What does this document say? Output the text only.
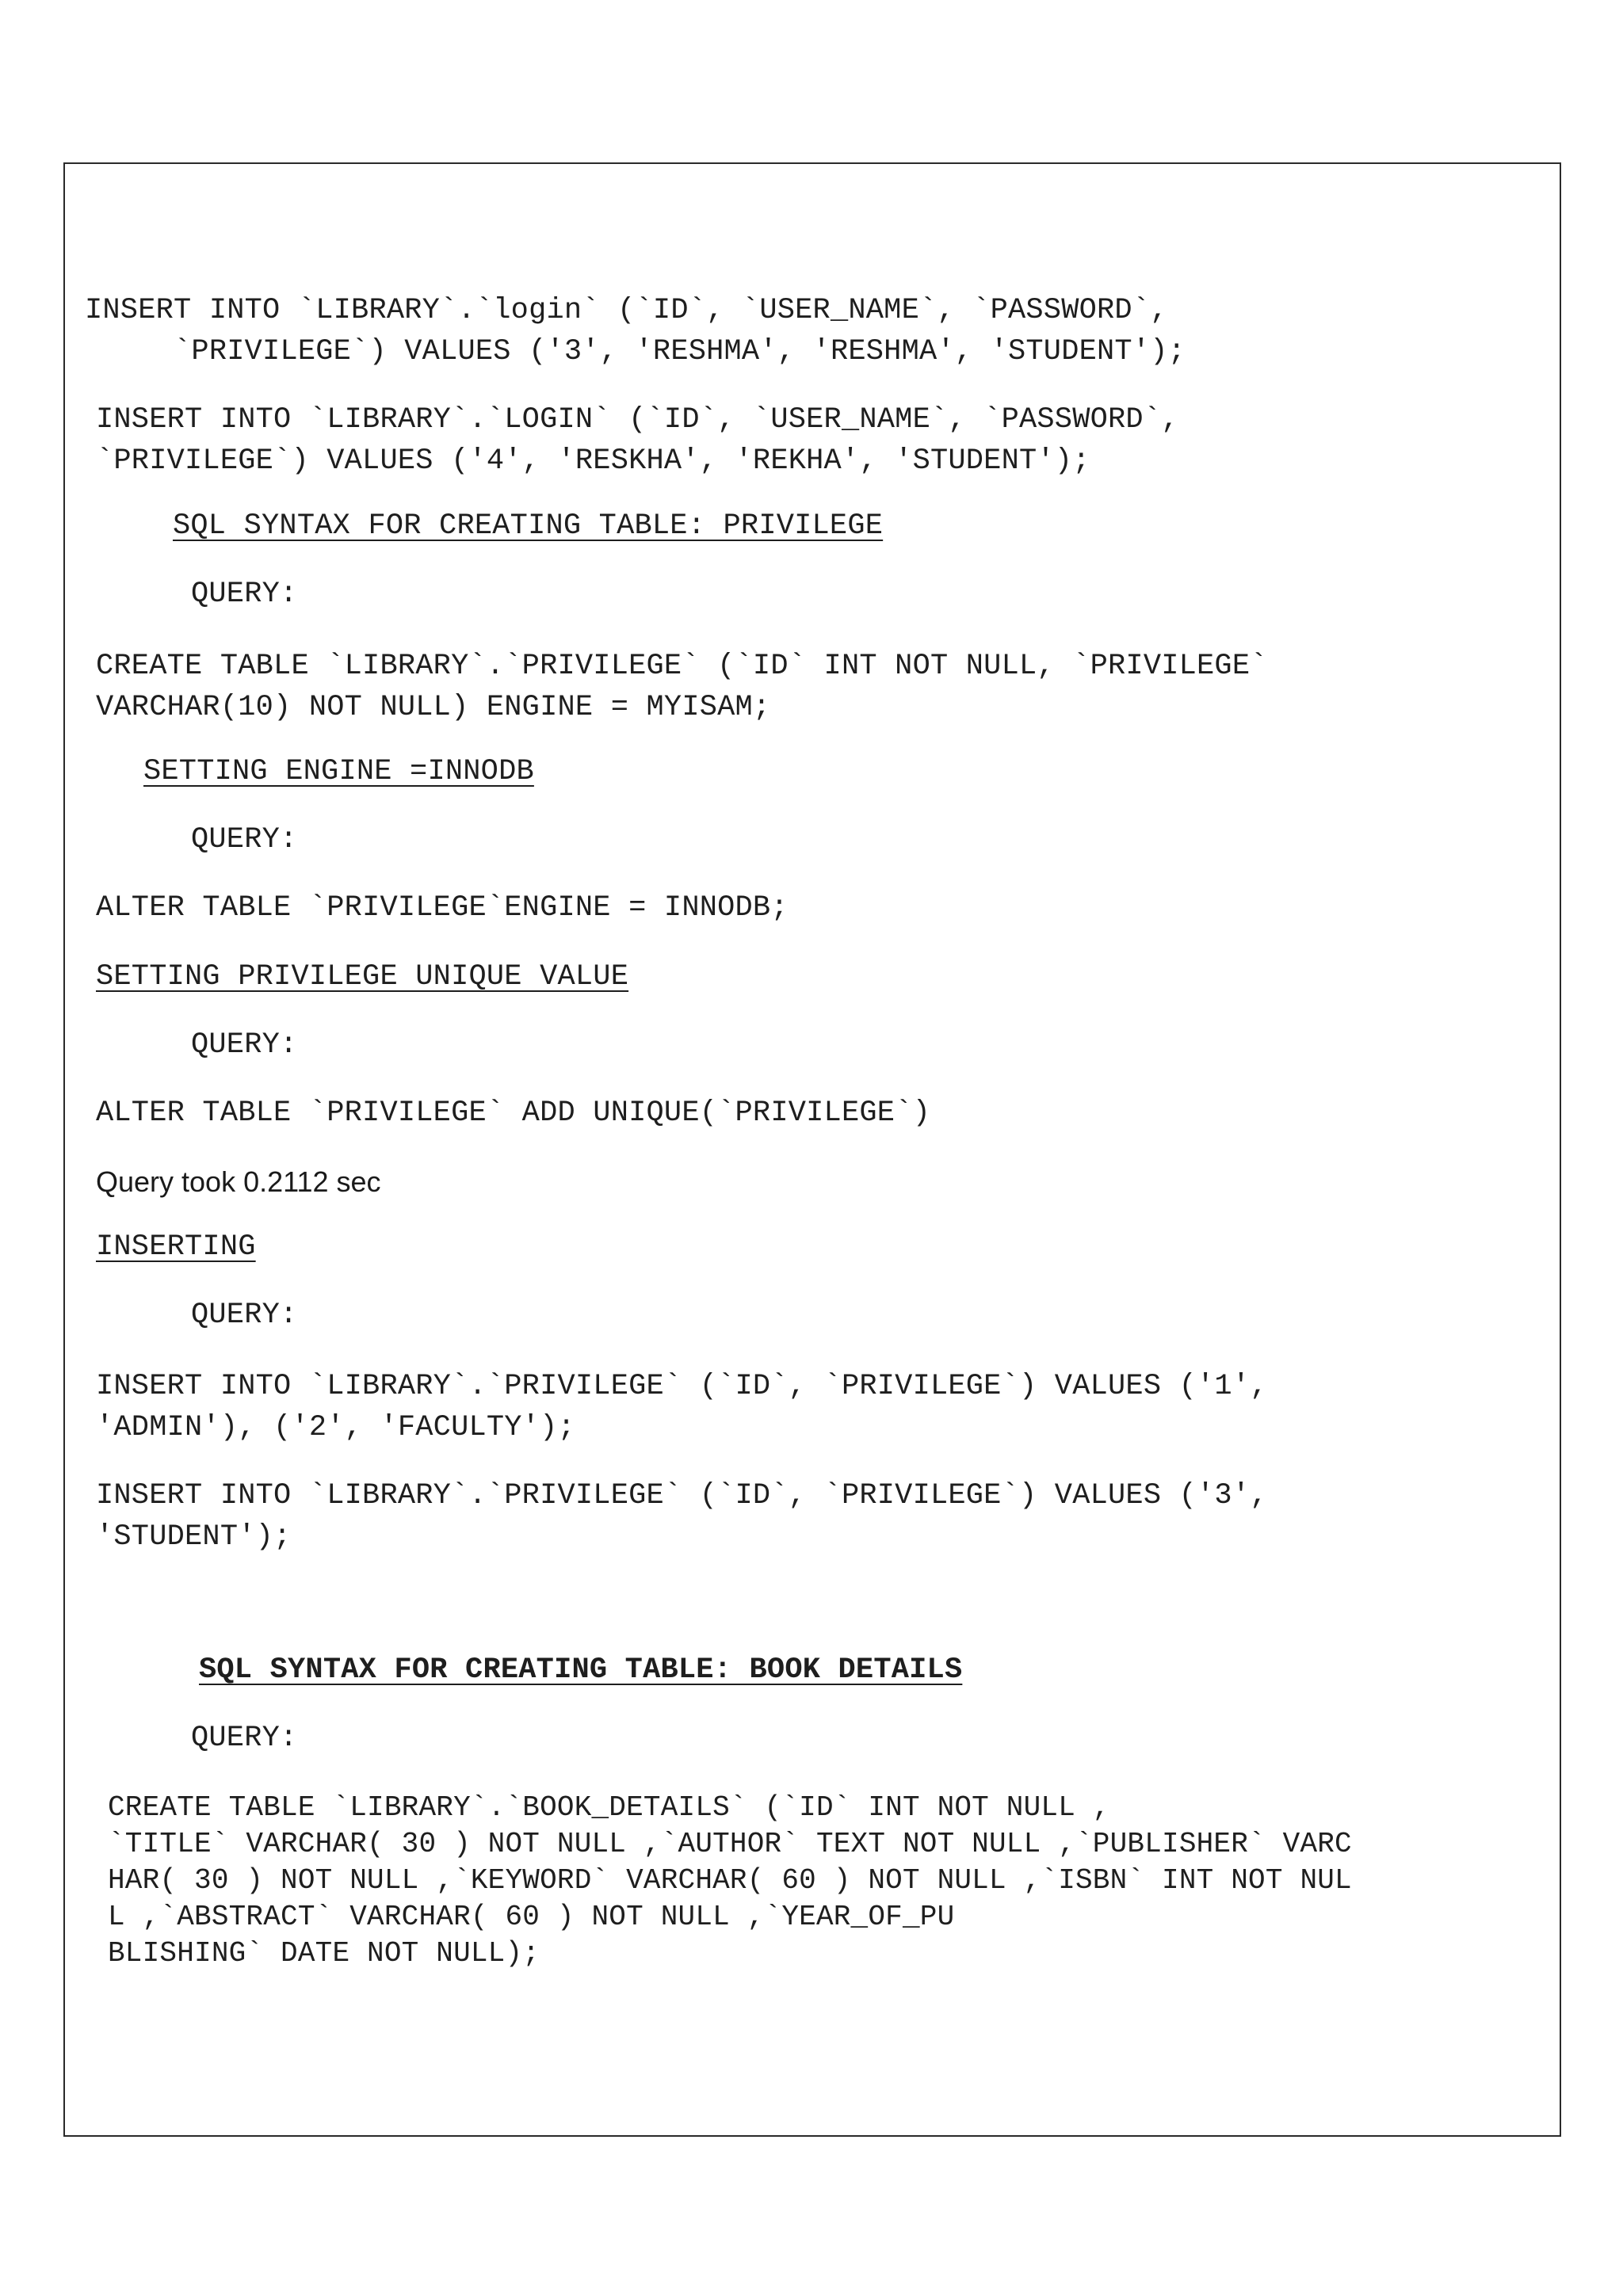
INSERT INTO `LIBRARY`.`login` (`ID`, `USER_NAME`, `PASSWORD`,
`PRIVILEGE`) VALUES ('3', 'RESHMA', 'RESHMA', 'STUDENT');
INSERT INTO `LIBRARY`.`LOGIN` (`ID`, `USER_NAME`, `PASSWORD`,
`PRIVILEGE`) VALUES ('4', 'RESKHA', 'REKHA', 'STUDENT');
SQL SYNTAX FOR CREATING TABLE: PRIVILEGE
QUERY:
CREATE TABLE `LIBRARY`.`PRIVILEGE` (`ID` INT NOT NULL, `PRIVILEGE`
VARCHAR(10) NOT NULL) ENGINE = MYISAM;
SETTING ENGINE =INNODB
QUERY:
ALTER TABLE `PRIVILEGE`ENGINE = INNODB;
SETTING PRIVILEGE UNIQUE VALUE
QUERY:
ALTER TABLE `PRIVILEGE` ADD UNIQUE(`PRIVILEGE`)
Query took 0.2112 sec
INSERTING
QUERY:
INSERT INTO `LIBRARY`.`PRIVILEGE` (`ID`, `PRIVILEGE`) VALUES ('1',
'ADMIN'), ('2', 'FACULTY');
INSERT INTO `LIBRARY`.`PRIVILEGE` (`ID`, `PRIVILEGE`) VALUES ('3',
'STUDENT');
SQL SYNTAX FOR CREATING TABLE: BOOK DETAILS
QUERY:
CREATE TABLE `LIBRARY`.`BOOK_DETAILS` (`ID` INT NOT NULL ,
`TITLE` VARCHAR( 30 ) NOT NULL ,`AUTHOR` TEXT NOT NULL ,`PUBLISHER` VARC
HAR( 30 ) NOT NULL ,`KEYWORD` VARCHAR( 60 ) NOT NULL ,`ISBN` INT NOT NUL
L ,`ABSTRACT` VARCHAR( 60 ) NOT NULL ,`YEAR_OF_PU
BLISHING` DATE NOT NULL);
